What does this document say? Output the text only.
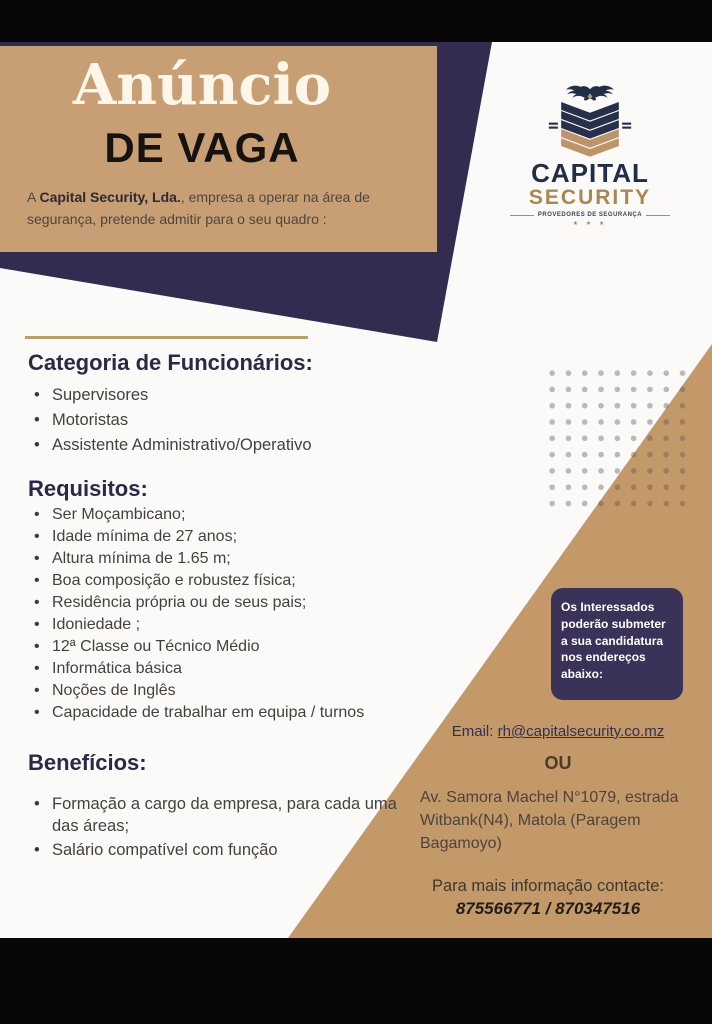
Anúncio
DE VAGA
A Capital Security, Lda., empresa a operar na área de segurança, pretende admitir para o seu quadro :
CAPITAL
SECURITY
PROVEDORES DE SEGURANÇA
★ ★ ★
Categoria de Funcionários:
• Supervisores
• Motoristas
• Assistente Administrativo/Operativo
Requisitos:
• Ser Moçambicano;
• Idade mínima de 27 anos;
• Altura mínima de 1.65 m;
• Boa composição e robustez física;
• Residência própria ou de seus pais;
• Idoniedade ;
• 12ª Classe ou Técnico Médio
• Informática básica
• Noções de Inglês
• Capacidade de trabalhar em equipa / turnos
Benefícios:
• Formação a cargo da empresa, para cada uma das áreas;
• Salário compatível com função
Os Interessados poderão submeter a sua candidatura nos endereços abaixo:
Email: rh@capitalsecurity.co.mz
OU
Av. Samora Machel N°1079, estrada Witbank(N4), Matola (Paragem Bagamoyo)
Para mais informação contacte:
875566771 / 870347516
